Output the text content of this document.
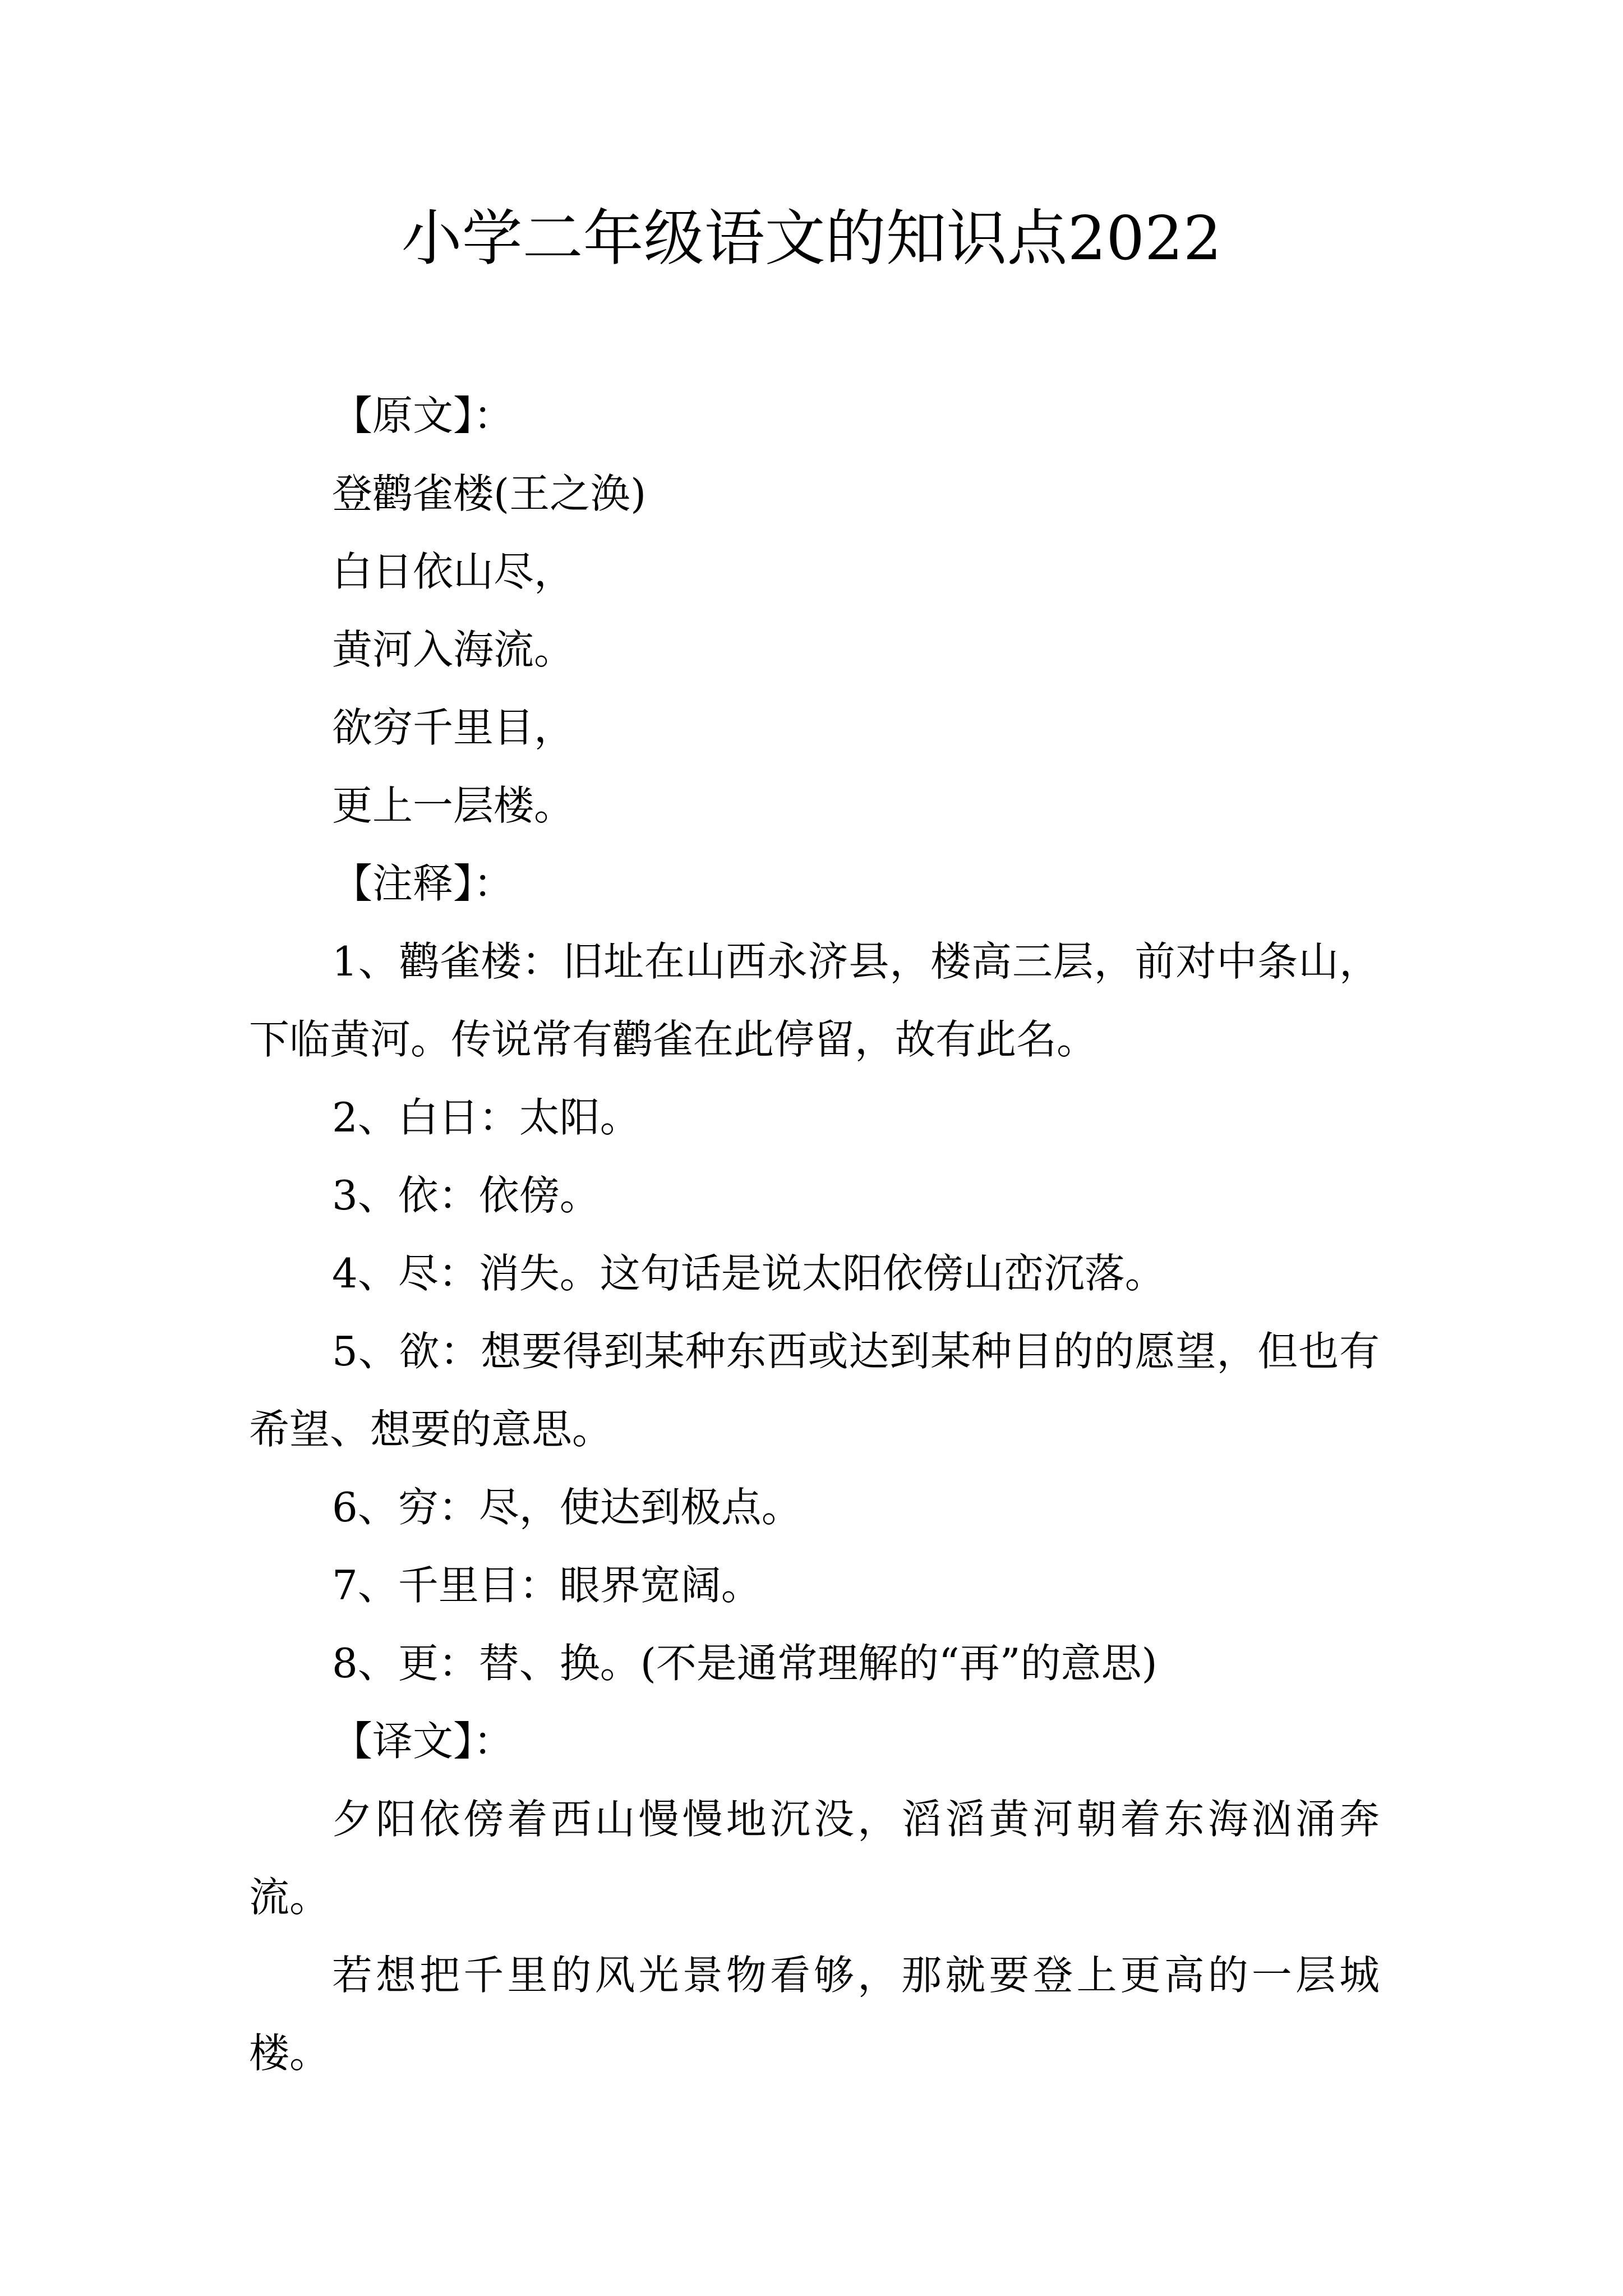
小学二年级语文的知识点2022

【原文】：

登鹳雀楼(王之涣)

白日依山尽，

黄河入海流。

欲穷千里目，

更上一层楼。

【注释】：

1、鹳雀楼：旧址在山西永济县，楼高三层，前对中条山，下临黄河。传说常有鹳雀在此停留，故有此名。

2、白日：太阳。

3、依：依傍。

4、尽：消失。这句话是说太阳依傍山峦沉落。

5、欲：想要得到某种东西或达到某种目的的愿望，但也有希望、想要的意思。

6、穷：尽，使达到极点。

7、千里目：眼界宽阔。

8、更：替、换。(不是通常理解的“再”的意思)

【译文】：

夕阳依傍着西山慢慢地沉没，滔滔黄河朝着东海汹涌奔流。

若想把千里的风光景物看够，那就要登上更高的一层城楼。
